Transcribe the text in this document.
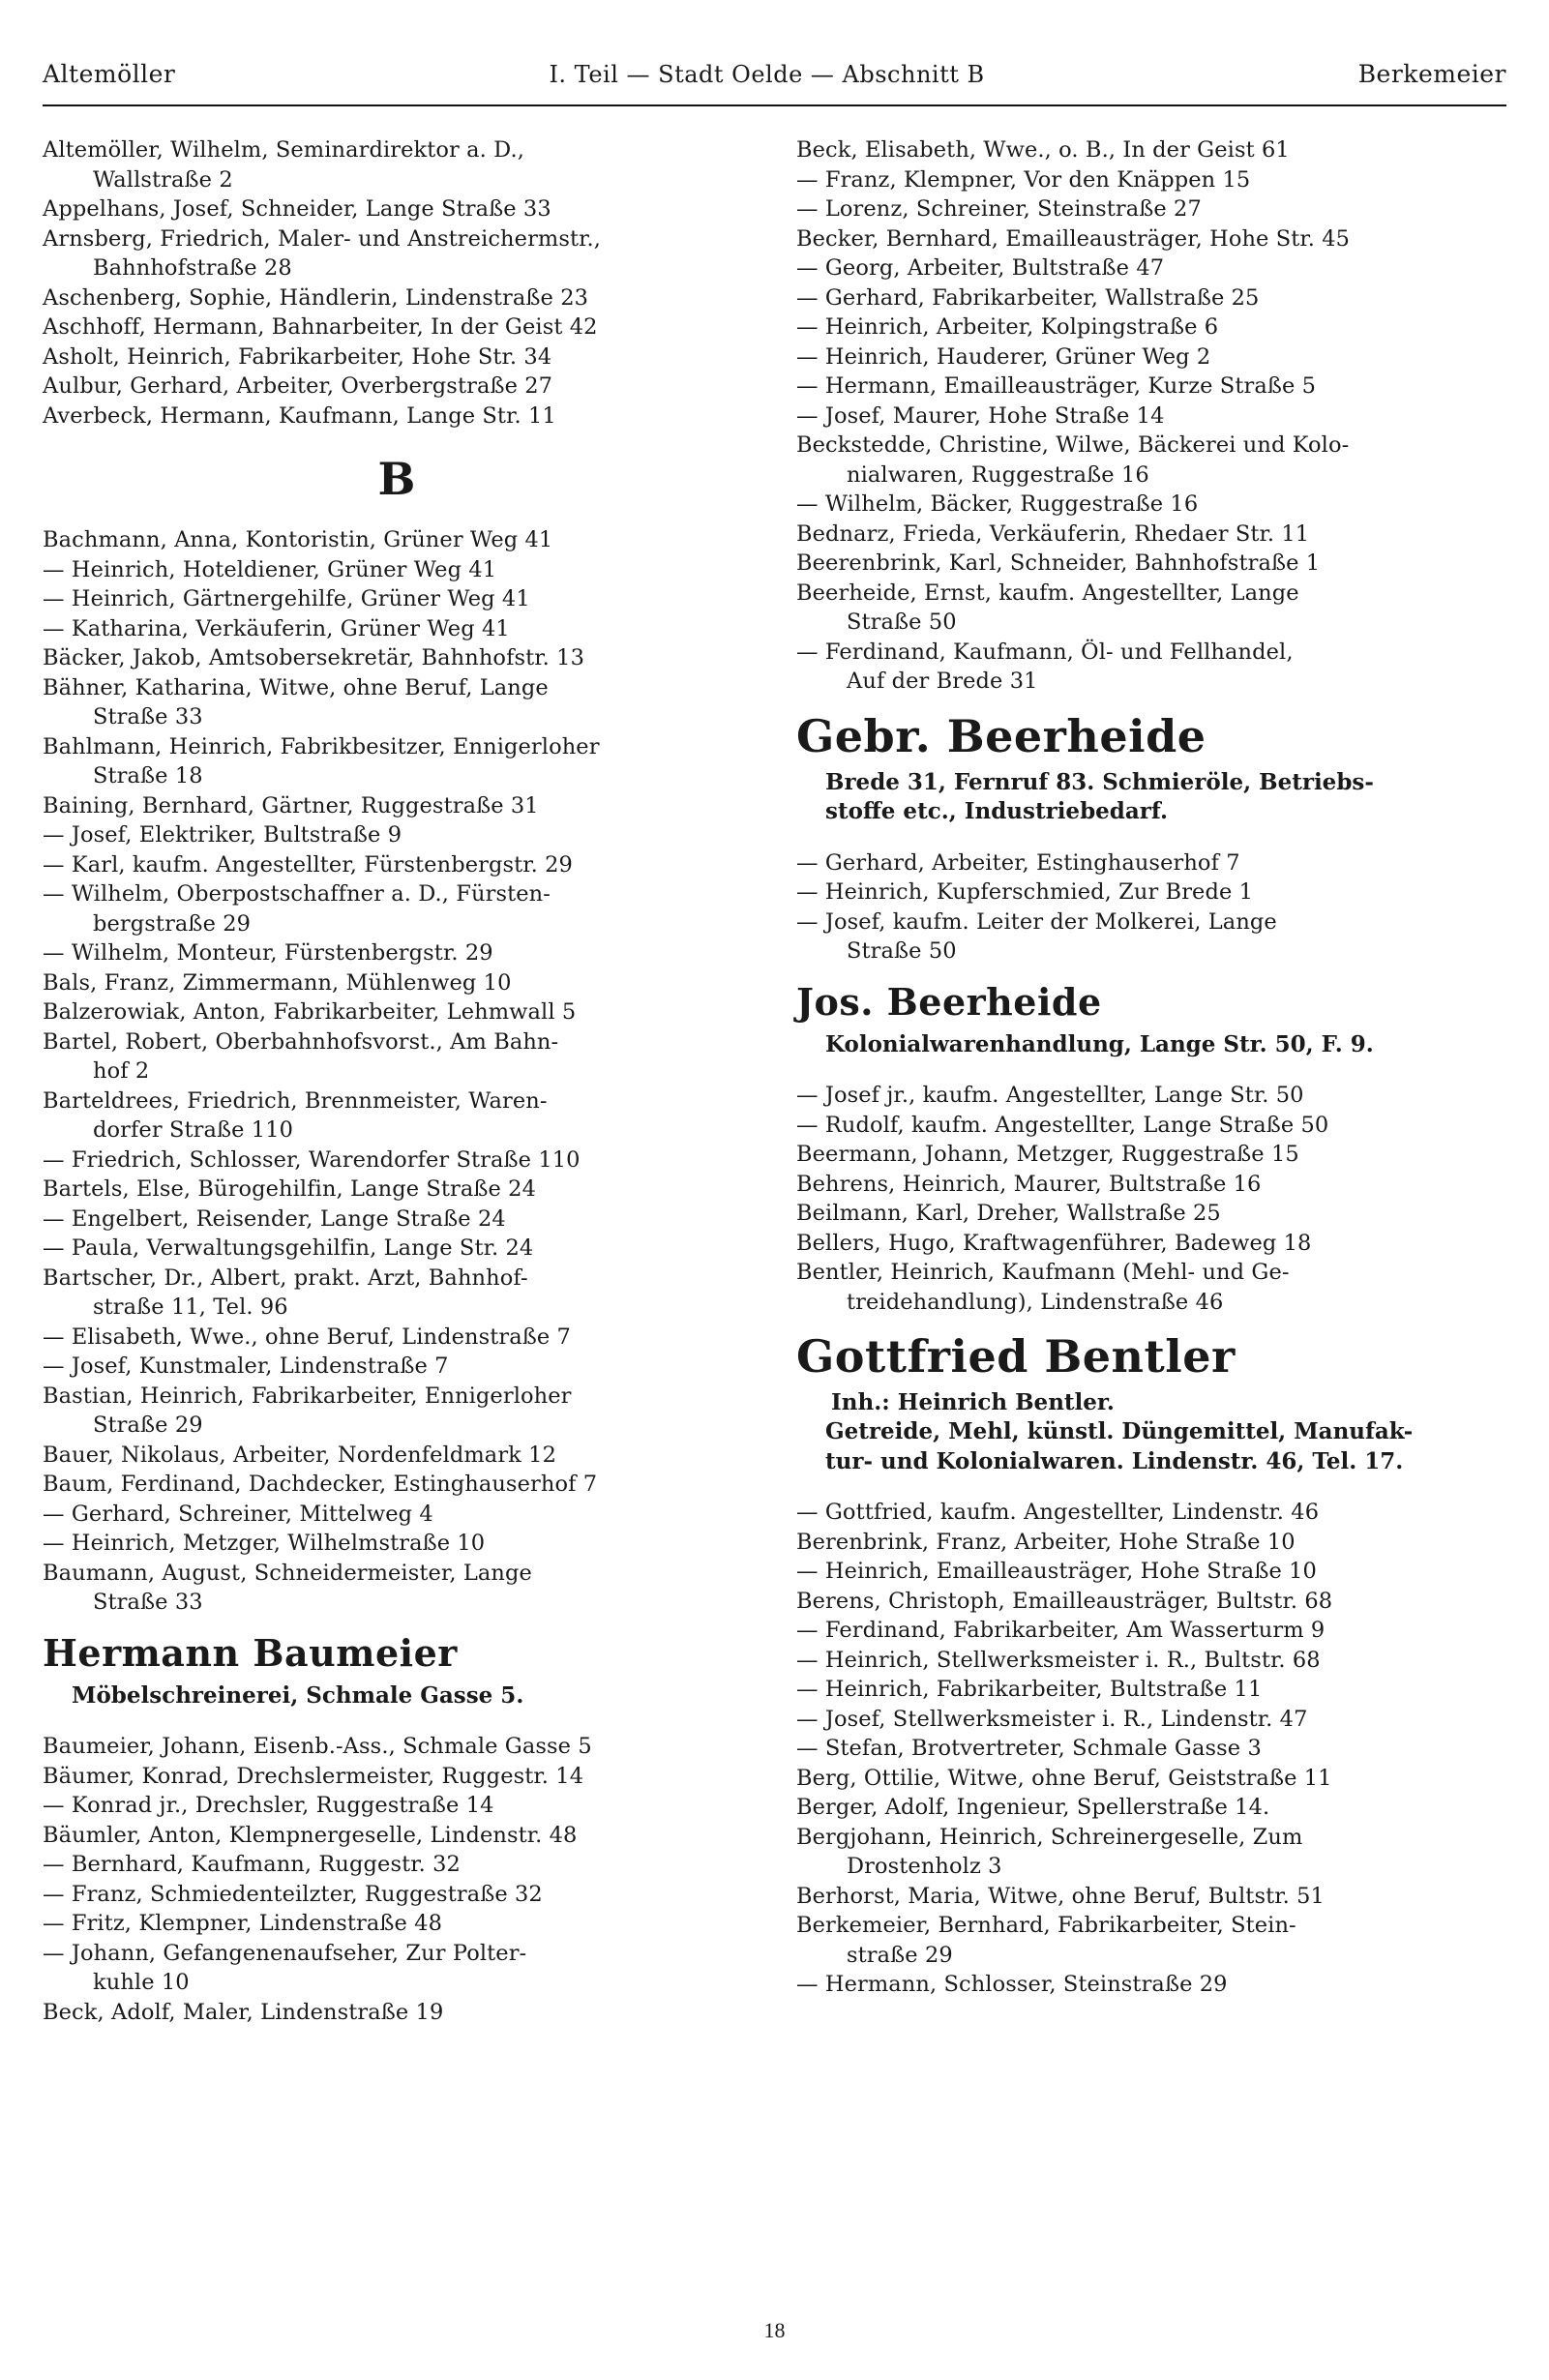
Altemöller	I. Teil — Stadt Oelde — Abschnitt B	Berkemeier
Altemöller, Wilhelm, Seminardirektor a. D.,
Wallstraße 2
Appelhans, Josef, Schneider, Lange Straße 33
Arnsberg, Friedrich, Maler- und Anstreichermstr.,
Bahnhofstraße 28
Aschenberg, Sophie, Händlerin, Lindenstraße 23
Aschhoff, Hermann, Bahnarbeiter, In der Geist 42
Asholt, Heinrich, Fabrikarbeiter, Hohe Str. 34
Aulbur, Gerhard, Arbeiter, Overbergstraße 27
Averbeck, Hermann, Kaufmann, Lange Str. 11
B
Bachmann, Anna, Kontoristin, Grüner Weg 41
— Heinrich, Hoteldiener, Grüner Weg 41
— Heinrich, Gärtnergehilfe, Grüner Weg 41
— Katharina, Verkäuferin, Grüner Weg 41
Bäcker, Jakob, Amtsobersekretär, Bahnhofstr. 13
Bähner, Katharina, Witwe, ohne Beruf, Lange
Straße 33
Bahlmann, Heinrich, Fabrikbesitzer, Ennigerloher
Straße 18
Baining, Bernhard, Gärtner, Ruggestraße 31
— Josef, Elektriker, Bultstraße 9
— Karl, kaufm. Angestellter, Fürstenbergstr. 29
— Wilhelm, Oberpostschaffner a. D., Fürsten-
bergstraße 29
— Wilhelm, Monteur, Fürstenbergstr. 29
Bals, Franz, Zimmermann, Mühlenweg 10
Balzerowiak, Anton, Fabrikarbeiter, Lehmwall 5
Bartel, Robert, Oberbahnhofsvorst., Am Bahn-
hof 2
Barteldrees, Friedrich, Brennmeister, Waren-
dorfer Straße 110
— Friedrich, Schlosser, Warendorfer Straße 110
Bartels, Else, Bürogehilfin, Lange Straße 24
— Engelbert, Reisender, Lange Straße 24
— Paula, Verwaltungsgehilfin, Lange Str. 24
Bartscher, Dr., Albert, prakt. Arzt, Bahnhof-
straße 11, Tel. 96
— Elisabeth, Wwe., ohne Beruf, Lindenstraße 7
— Josef, Kunstmaler, Lindenstraße 7
Bastian, Heinrich, Fabrikarbeiter, Ennigerloher
Straße 29
Bauer, Nikolaus, Arbeiter, Nordenfeldmark 12
Baum, Ferdinand, Dachdecker, Estinghauserhof 7
— Gerhard, Schreiner, Mittelweg 4
— Heinrich, Metzger, Wilhelmstraße 10
Baumann, August, Schneidermeister, Lange
Straße 33
Hermann Baumeier
Möbelschreinerei, Schmale Gasse 5.
Baumeier, Johann, Eisenb.-Ass., Schmale Gasse 5
Bäumer, Konrad, Drechslermeister, Ruggestr. 14
— Konrad jr., Drechsler, Ruggestraße 14
Bäumler, Anton, Klempnergeselle, Lindenstr. 48
— Bernhard, Kaufmann, Ruggestr. 32
— Franz, Schmiedenteilzter, Ruggestraße 32
— Fritz, Klempner, Lindenstraße 48
— Johann, Gefangenenaufseher, Zur Polter-
kuhle 10
Beck, Adolf, Maler, Lindenstraße 19
Beck, Elisabeth, Wwe., o. B., In der Geist 61
— Franz, Klempner, Vor den Knäppen 15
— Lorenz, Schreiner, Steinstraße 27
Becker, Bernhard, Emailleausträger, Hohe Str. 45
— Georg, Arbeiter, Bultstraße 47
— Gerhard, Fabrikarbeiter, Wallstraße 25
— Heinrich, Arbeiter, Kolpingstraße 6
— Heinrich, Hauderer, Grüner Weg 2
— Hermann, Emailleausträger, Kurze Straße 5
— Josef, Maurer, Hohe Straße 14
Beckstedde, Christine, Wilwe, Bäckerei und Kolo-
nialwaren, Ruggestraße 16
— Wilhelm, Bäcker, Ruggestraße 16
Bednarz, Frieda, Verkäuferin, Rhedaer Str. 11
Beerenbrink, Karl, Schneider, Bahnhofstraße 1
Beerheide, Ernst, kaufm. Angestellter, Lange
Straße 50
— Ferdinand, Kaufmann, Öl- und Fellhandel,
Auf der Brede 31
Gebr. Beerheide
Brede 31, Fernruf 83. Schmieröle, Betriebs-
stoffe etc., Industriebedarf.
— Gerhard, Arbeiter, Estinghauserhof 7
— Heinrich, Kupferschmied, Zur Brede 1
— Josef, kaufm. Leiter der Molkerei, Lange
Straße 50
Jos. Beerheide
Kolonialwarenhandlung, Lange Str. 50, F. 9.
— Josef jr., kaufm. Angestellter, Lange Str. 50
— Rudolf, kaufm. Angestellter, Lange Straße 50
Beermann, Johann, Metzger, Ruggestraße 15
Behrens, Heinrich, Maurer, Bultstraße 16
Beilmann, Karl, Dreher, Wallstraße 25
Bellers, Hugo, Kraftwagenführer, Badeweg 18
Bentler, Heinrich, Kaufmann (Mehl- und Ge-
treidehandlung), Lindenstraße 46
Gottfried Bentler
Inh.: Heinrich Bentler.
Getreide, Mehl, künstl. Düngemittel, Manufak-
tur- und Kolonialwaren. Lindenstr. 46, Tel. 17.
— Gottfried, kaufm. Angestellter, Lindenstr. 46
Berenbrink, Franz, Arbeiter, Hohe Straße 10
— Heinrich, Emailleausträger, Hohe Straße 10
Berens, Christoph, Emailleausträger, Bultstr. 68
— Ferdinand, Fabrikarbeiter, Am Wasserturm 9
— Heinrich, Stellwerksmeister i. R., Bultstr. 68
— Heinrich, Fabrikarbeiter, Bultstraße 11
— Josef, Stellwerksmeister i. R., Lindenstr. 47
— Stefan, Brotvertreter, Schmale Gasse 3
Berg, Ottilie, Witwe, ohne Beruf, Geiststraße 11
Berger, Adolf, Ingenieur, Spellerstraße 14.
Bergjohann, Heinrich, Schreinergeselle, Zum
Drostenholz 3
Berhorst, Maria, Witwe, ohne Beruf, Bultstr. 51
Berkemeier, Bernhard, Fabrikarbeiter, Stein-
straße 29
— Hermann, Schlosser, Steinstraße 29
18
